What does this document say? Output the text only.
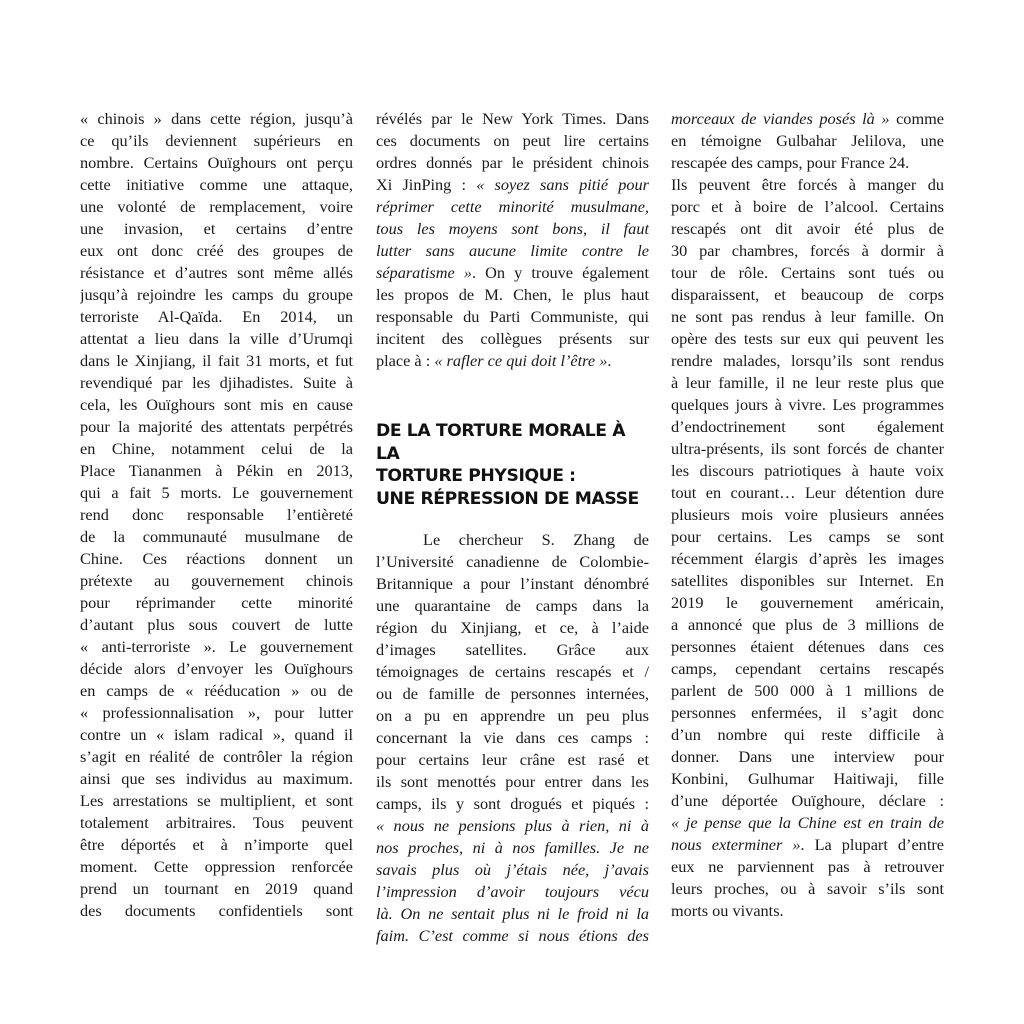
« chinois » dans cette région, jusqu’à
ce qu’ils deviennent supérieurs en
nombre. Certains Ouïghours ont perçu
cette initiative comme une attaque,
une volonté de remplacement, voire
une invasion, et certains d’entre
eux ont donc créé des groupes de
résistance et d’autres sont même allés
jusqu’à rejoindre les camps du groupe
terroriste Al-Qaïda. En 2014, un
attentat a lieu dans la ville d’Urumqi
dans le Xinjiang, il fait 31 morts, et fut
revendiqué par les djihadistes. Suite à
cela, les Ouïghours sont mis en cause
pour la majorité des attentats perpétrés
en Chine, notamment celui de la
Place Tiananmen à Pékin en 2013,
qui a fait 5 morts. Le gouvernement
rend donc responsable l’entièreté
de la communauté musulmane de
Chine. Ces réactions donnent un
prétexte au gouvernement chinois
pour réprimander cette minorité
d’autant plus sous couvert de lutte
« anti-terroriste ». Le gouvernement
décide alors d’envoyer les Ouïghours
en camps de « rééducation » ou de
« professionnalisation », pour lutter
contre un « islam radical », quand il
s’agit en réalité de contrôler la région
ainsi que ses individus au maximum.
Les arrestations se multiplient, et sont
totalement arbitraires. Tous peuvent
être déportés et à n’importe quel
moment. Cette oppression renforcée
prend un tournant en 2019 quand
des documents confidentiels sont
révélés par le New York Times. Dans
ces documents on peut lire certains
ordres donnés par le président chinois
Xi JinPing : « soyez sans pitié pour
réprimer cette minorité musulmane,
tous les moyens sont bons, il faut
lutter sans aucune limite contre le
séparatisme ». On y trouve également
les propos de M. Chen, le plus haut
responsable du Parti Communiste, qui
incitent des collègues présents sur
place à : « rafler ce qui doit l’être ».
DE LA TORTURE MORALE À LA
TORTURE PHYSIQUE :
UNE RÉPRESSION DE MASSE
Le chercheur S. Zhang de
l’Université canadienne de Colombie-
Britannique a pour l’instant dénombré
une quarantaine de camps dans la
région du Xinjiang, et ce, à l’aide
d’images satellites. Grâce aux
témoignages de certains rescapés et /
ou de famille de personnes internées,
on a pu en apprendre un peu plus
concernant la vie dans ces camps :
pour certains leur crâne est rasé et
ils sont menottés pour entrer dans les
camps, ils y sont drogués et piqués :
« nous ne pensions plus à rien, ni à
nos proches, ni à nos familles. Je ne
savais plus où j’étais née, j’avais
l’impression d’avoir toujours vécu
là. On ne sentait plus ni le froid ni la
faim. C’est comme si nous étions des
morceaux de viandes posés là » comme
en témoigne Gulbahar Jelilova, une
rescapée des camps, pour France 24.
Ils peuvent être forcés à manger du
porc et à boire de l’alcool. Certains
rescapés ont dit avoir été plus de
30 par chambres, forcés à dormir à
tour de rôle. Certains sont tués ou
disparaissent, et beaucoup de corps
ne sont pas rendus à leur famille. On
opère des tests sur eux qui peuvent les
rendre malades, lorsqu’ils sont rendus
à leur famille, il ne leur reste plus que
quelques jours à vivre. Les programmes
d’endoctrinement sont également
ultra-présents, ils sont forcés de chanter
les discours patriotiques à haute voix
tout en courant… Leur détention dure
plusieurs mois voire plusieurs années
pour certains. Les camps se sont
récemment élargis d’après les images
satellites disponibles sur Internet. En
2019 le gouvernement américain,
a annoncé que plus de 3 millions de
personnes étaient détenues dans ces
camps, cependant certains rescapés
parlent de 500 000 à 1 millions de
personnes enfermées, il s’agit donc
d’un nombre qui reste difficile à
donner. Dans une interview pour
Konbini, Gulhumar Haitiwaji, fille
d’une déportée Ouïghoure, déclare :
« je pense que la Chine est en train de
nous exterminer ». La plupart d’entre
eux ne parviennent pas à retrouver
leurs proches, ou à savoir s’ils sont
morts ou vivants.
